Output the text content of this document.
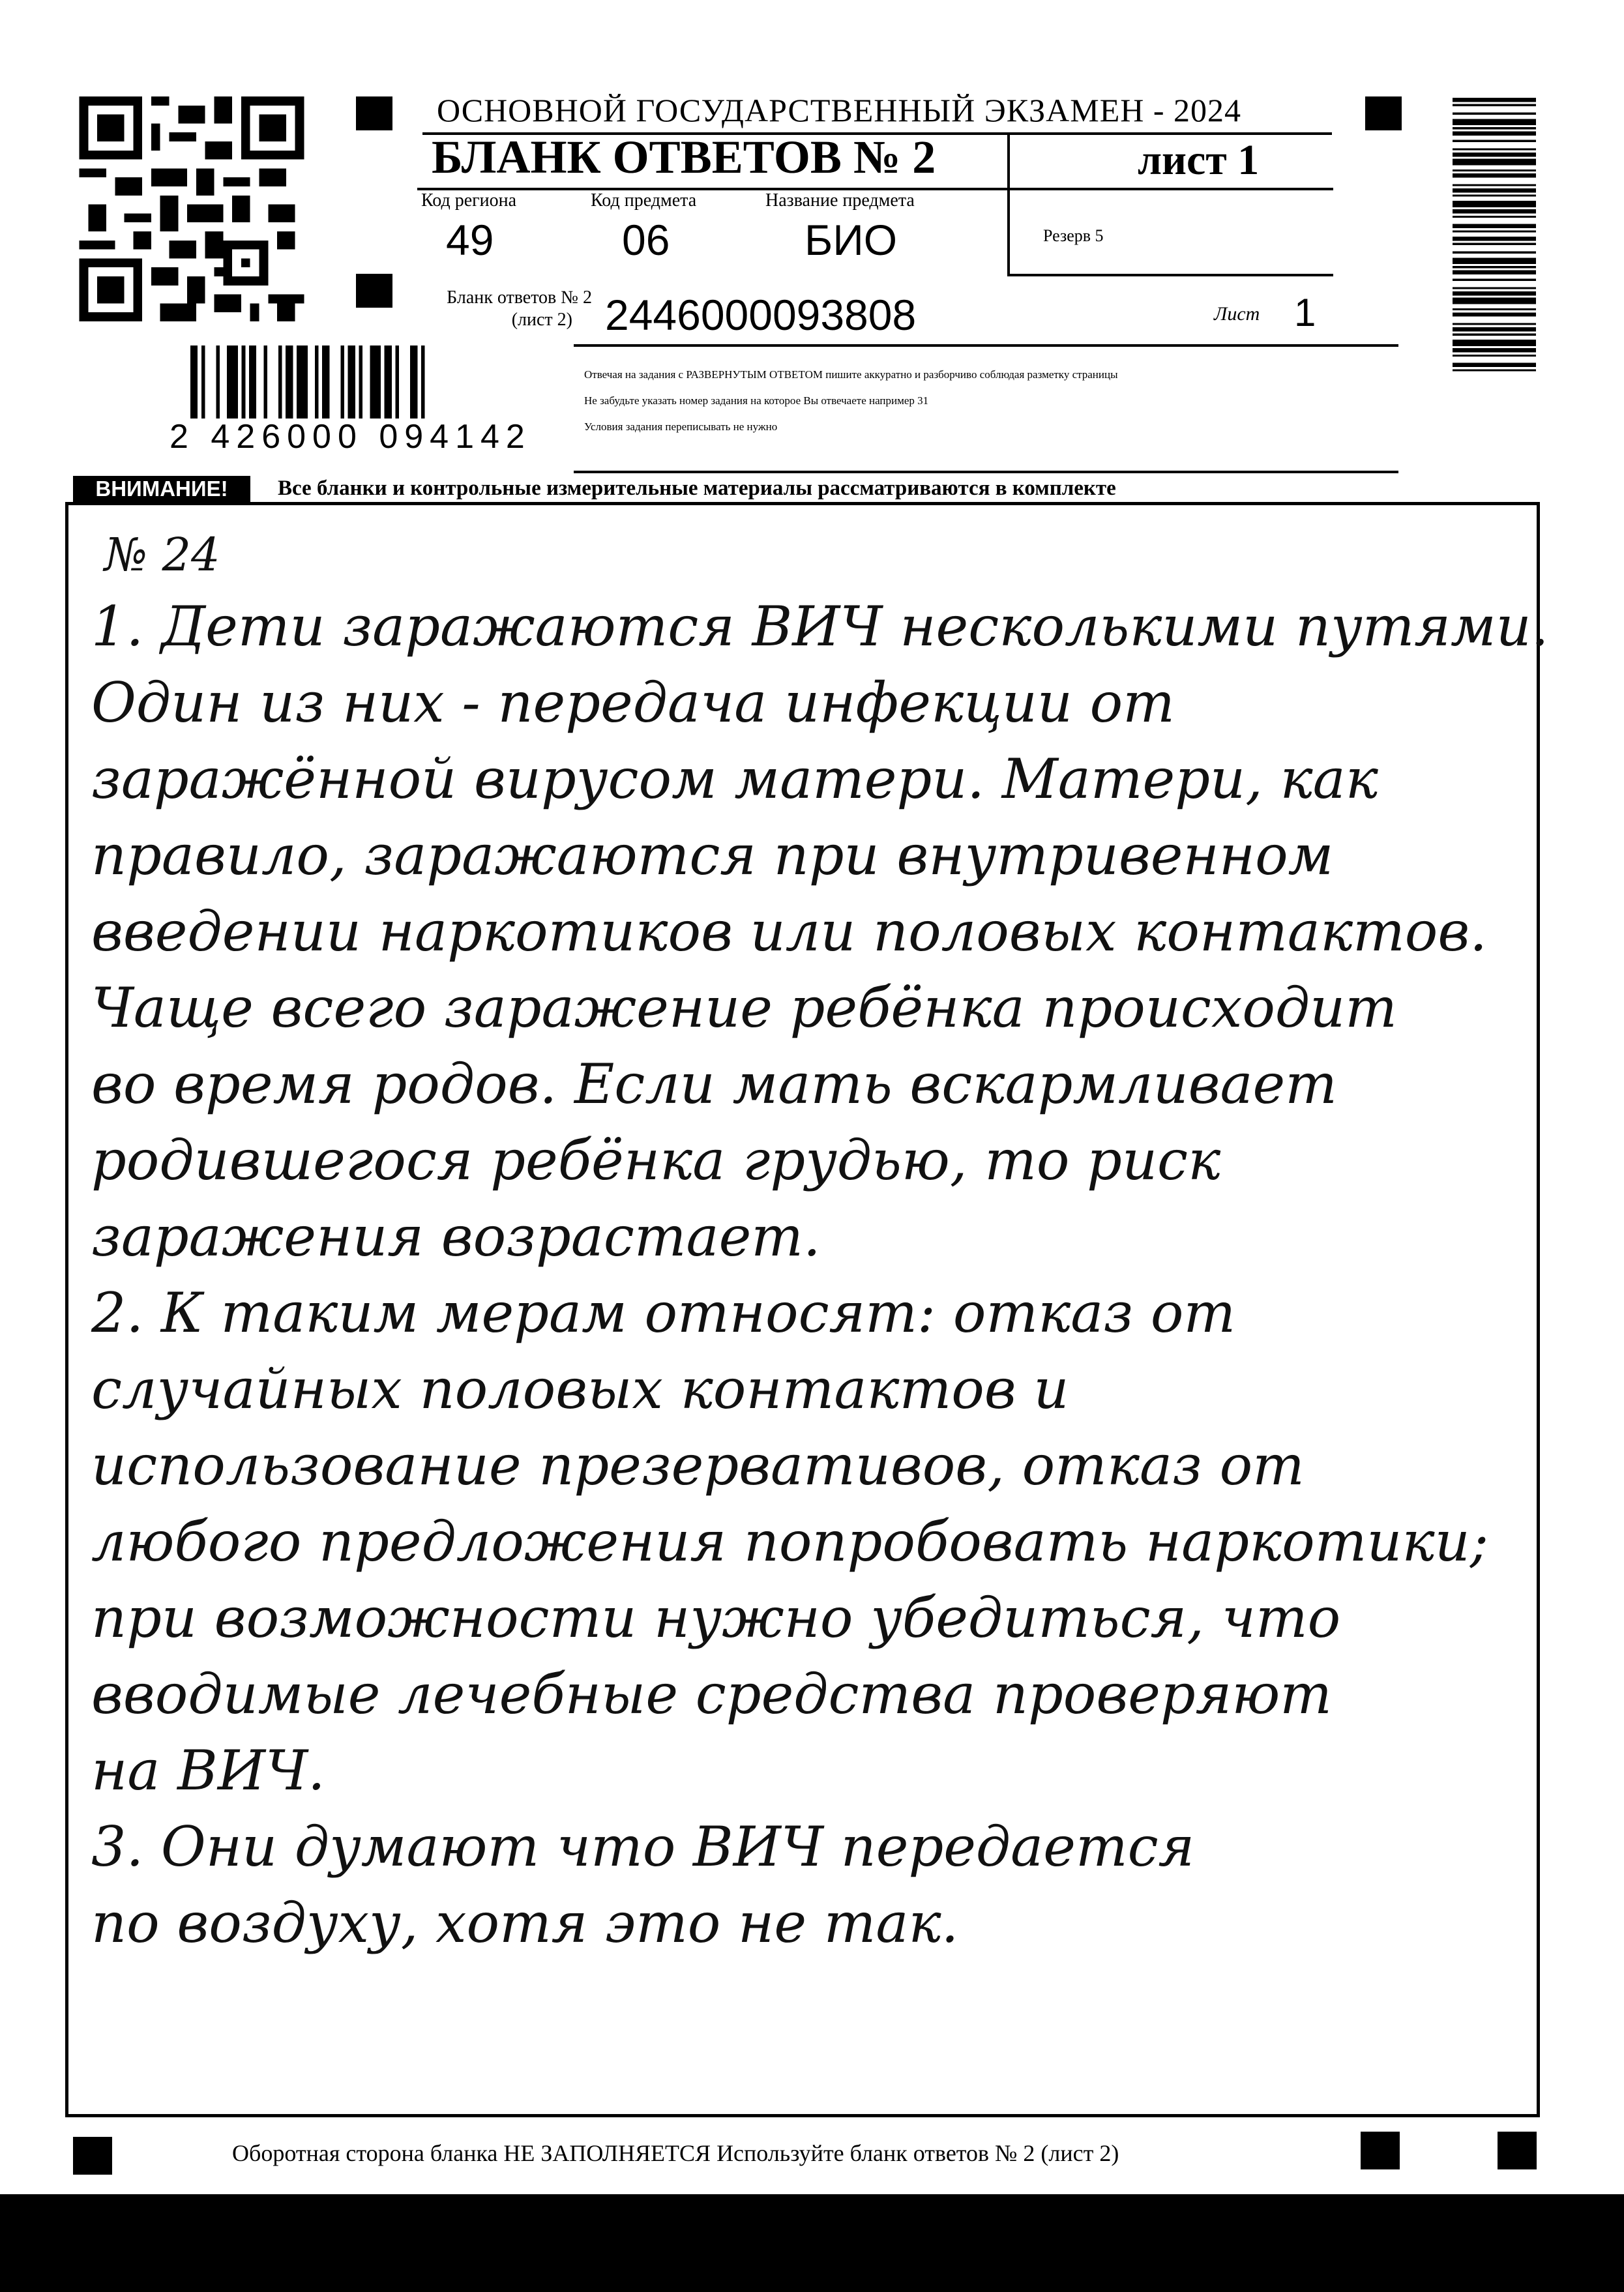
ОСНОВНОЙ ГОСУДАРСТВЕННЫЙ ЭКЗАМЕН - 2024
БЛАНК ОТВЕТОВ № 2	лист 1
Код региона
49
Код предмета
06
Название предмета
БИО	Резерв 5
Бланк ответов № 2
(лист 2) 2446000093808	Лист 1
Отвечая на задания с РАЗВЕРНУТЫМ ОТВЕТОМ пишите аккуратно и разборчиво соблюдая разметку страницы
Не забудьте указать номер задания на которое Вы отвечаете например 31
Условия задания переписывать не нужно
2 426000 094142
ВНИМАНИЕ!	Все бланки и контрольные измерительные материалы рассматриваются в комплекте
№ 24
1. Дети заражаются ВИЧ несколькими путями.
Один из них - передача инфекции от
заражённой вирусом матери. Матери, как
правило, заражаются при внутривенном
введении наркотиков или половых контактов.
Чаще всего заражение ребёнка происходит
во время родов. Если мать вскармливает
родившегося ребёнка грудью, то риск
заражения возрастает.
2. К таким мерам относят: отказ от
случайных половых контактов и
использование презервативов, отказ от
любого предложения попробовать наркотики;
при возможности нужно убедиться, что
вводимые лечебные средства проверяют
на ВИЧ.
3. Они думают что ВИЧ передается
по воздуху, хотя это не так.
Оборотная сторона бланка НЕ ЗАПОЛНЯЕТСЯ Используйте бланк ответов № 2 (лист 2)
